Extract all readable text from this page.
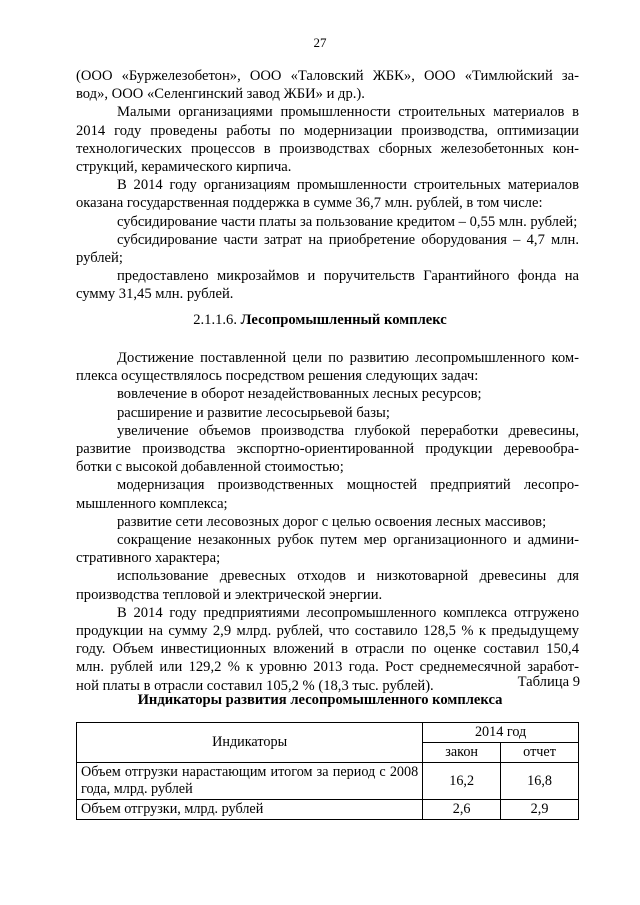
27
(ООО «Буржелезобетон», ООО «Таловский ЖБК», ООО «Тимлюйский за-
вод», ООО «Селенгинский завод ЖБИ» и др.).
Малыми организациями промышленности строительных материалов в
2014 году проведены работы по модернизации производства, оптимизации
технологических процессов в производствах сборных железобетонных кон-
струкций, керамического кирпича.
В 2014 году организациям промышленности строительных материалов
оказана государственная поддержка в сумме 36,7 млн. рублей, в том числе:
субсидирование части платы за пользование кредитом – 0,55 млн. рублей;
субсидирование части затрат на приобретение оборудования – 4,7 млн.
рублей;
предоставлено микрозаймов и поручительств Гарантийного фонда на
сумму 31,45 млн. рублей.
2.1.1.6. Лесопромышленный комплекс
Достижение поставленной цели по развитию лесопромышленного ком-
плекса осуществлялось посредством решения следующих задач:
вовлечение в оборот незадействованных лесных ресурсов;
расширение и развитие лесосырьевой базы;
увеличение объемов производства глубокой переработки древесины,
развитие производства экспортно-ориентированной продукции деревообра-
ботки с высокой добавленной стоимостью;
модернизация производственных мощностей предприятий лесопро-
мышленного комплекса;
развитие сети лесовозных дорог с целью освоения лесных массивов;
сокращение незаконных рубок путем мер организационного и админи-
стративного характера;
использование древесных отходов и низкотоварной древесины для
производства тепловой и электрической энергии.
В 2014 году предприятиями лесопромышленного комплекса отгружено
продукции на сумму 2,9 млрд. рублей, что составило 128,5 % к предыдущему
году. Объем инвестиционных вложений в отрасли по оценке составил 150,4
млн. рублей или 129,2 % к уровню 2013 года. Рост среднемесячной заработ-
ной платы в отрасли составил 105,2 % (18,3 тыс. рублей).	Таблица 9
Индикаторы развития лесопромышленного комплекса
Индикаторы	2014 год	
	закон	отчет
Объем отгрузки нарастающим итогом за период с 2008 года, млрд. рублей	16,2	16,8
Объем отгрузки, млрд. рублей	2,6	2,9
